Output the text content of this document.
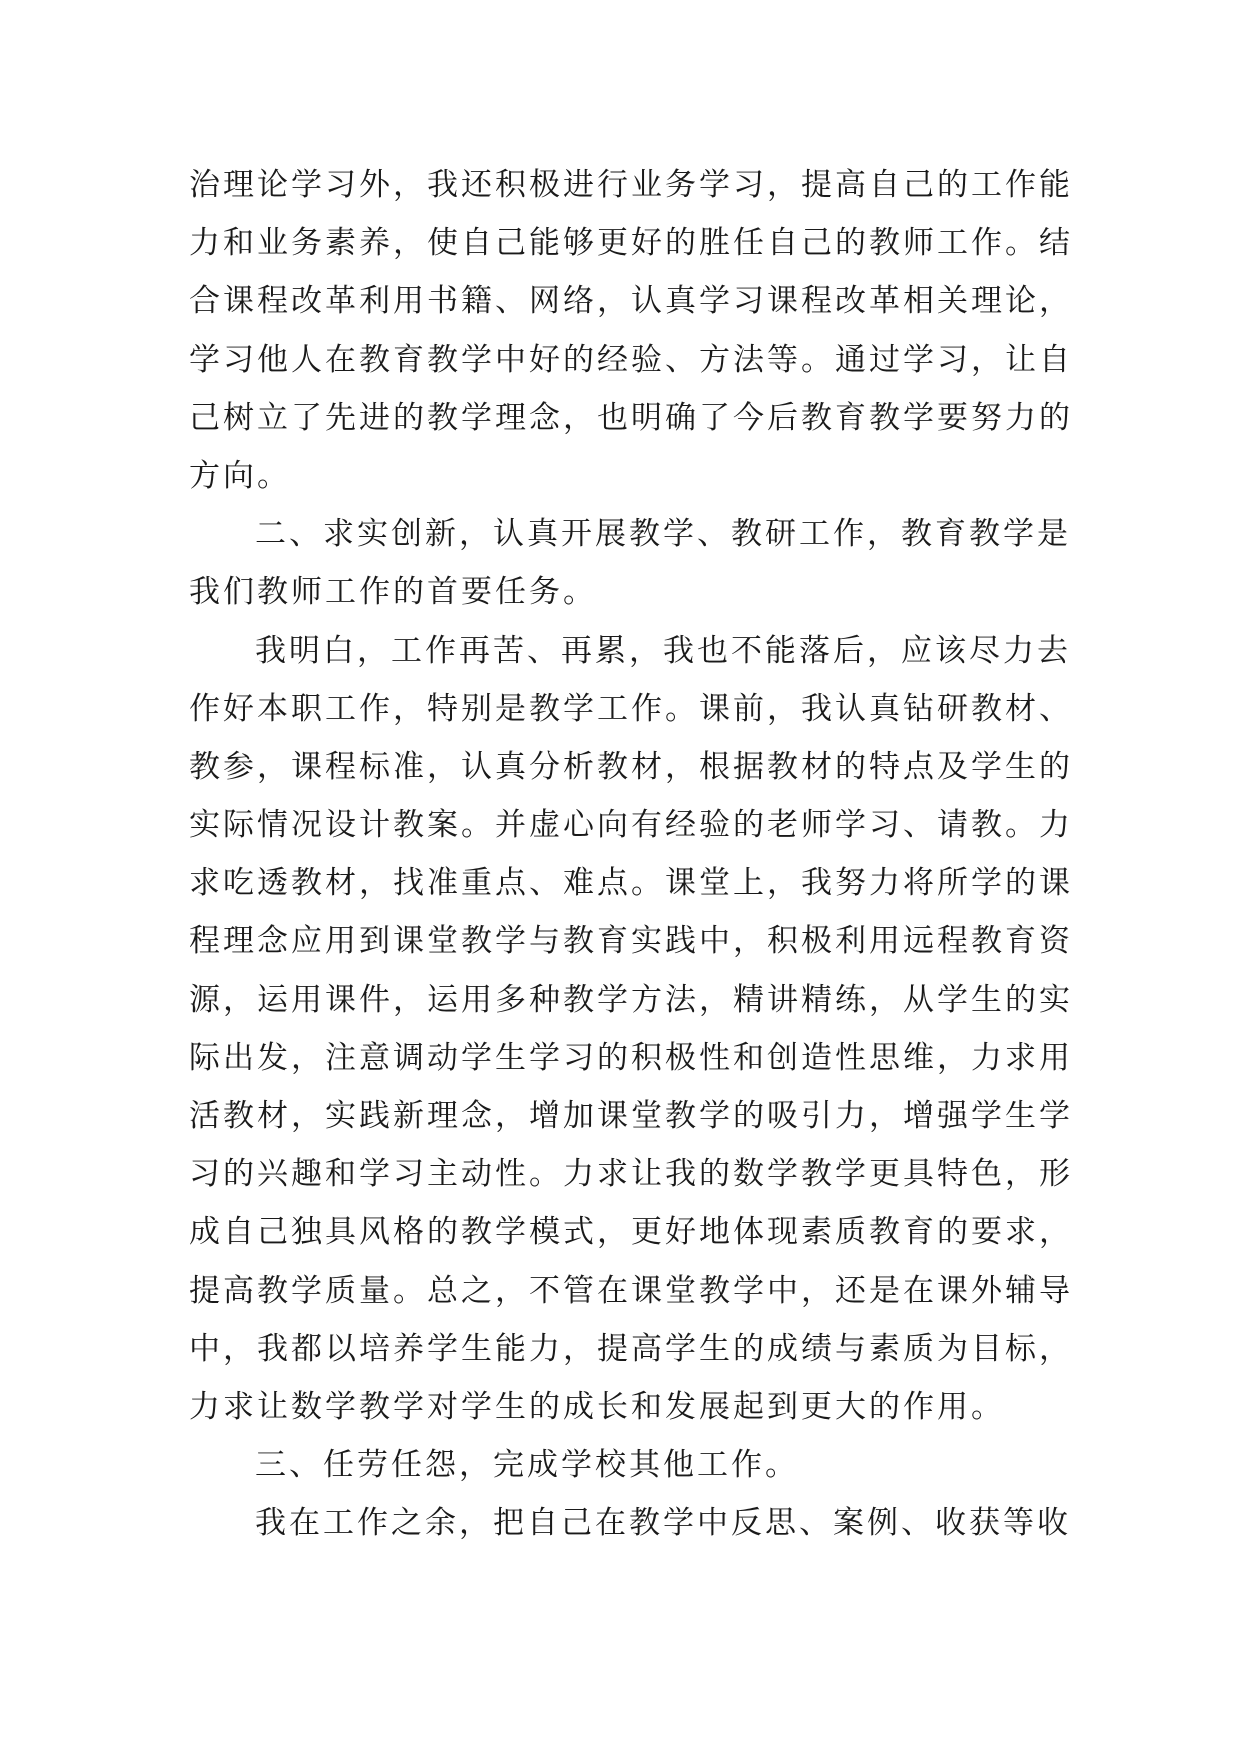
治理论学习外，我还积极进行业务学习，提高自己的工作能
力和业务素养，使自己能够更好的胜任自己的教师工作。结
合课程改革利用书籍、网络，认真学习课程改革相关理论，
学习他人在教育教学中好的经验、方法等。通过学习，让自
己树立了先进的教学理念，也明确了今后教育教学要努力的
方向。
二、求实创新，认真开展教学、教研工作，教育教学是
我们教师工作的首要任务。
我明白，工作再苦、再累，我也不能落后，应该尽力去
作好本职工作，特别是教学工作。课前，我认真钻研教材、
教参，课程标准，认真分析教材，根据教材的特点及学生的
实际情况设计教案。并虚心向有经验的老师学习、请教。力
求吃透教材，找准重点、难点。课堂上，我努力将所学的课
程理念应用到课堂教学与教育实践中，积极利用远程教育资
源，运用课件，运用多种教学方法，精讲精练，从学生的实
际出发，注意调动学生学习的积极性和创造性思维，力求用
活教材，实践新理念，增加课堂教学的吸引力，增强学生学
习的兴趣和学习主动性。力求让我的数学教学更具特色，形
成自己独具风格的教学模式，更好地体现素质教育的要求，
提高教学质量。总之，不管在课堂教学中，还是在课外辅导
中，我都以培养学生能力，提高学生的成绩与素质为目标，
力求让数学教学对学生的成长和发展起到更大的作用。
三、任劳任怨，完成学校其他工作。
我在工作之余，把自己在教学中反思、案例、收获等收
